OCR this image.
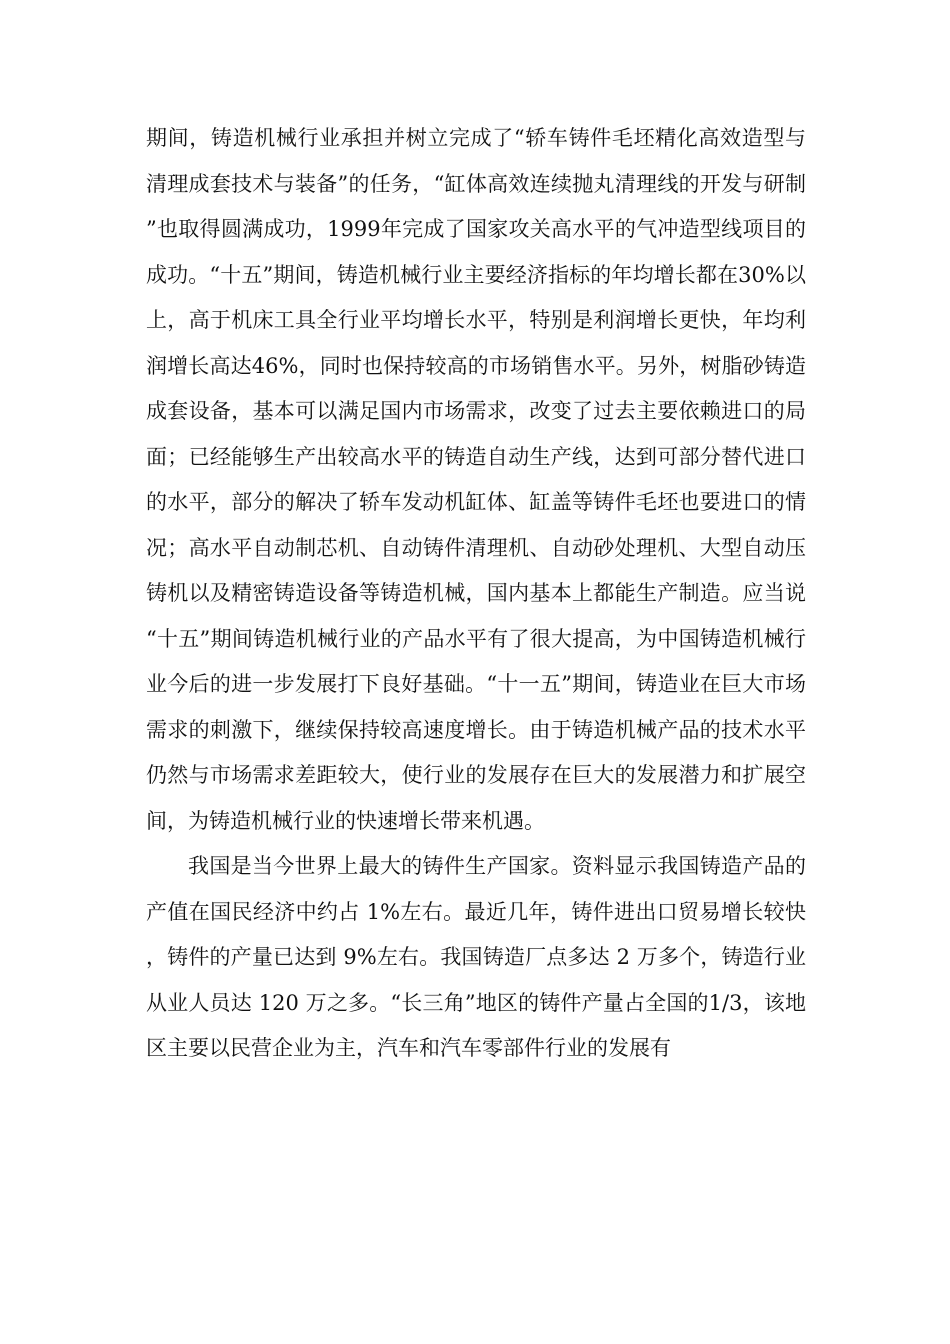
期间，铸造机械行业承担并树立完成了“轿车铸件毛坯精化高效造型与清理成套技术与装备”的任务，“缸体高效连续抛丸清理线的开发与研制”也取得圆满成功，1999年完成了国家攻关高水平的气冲造型线项目的成功。“十五”期间，铸造机械行业主要经济指标的年均增长都在30%以上，高于机床工具全行业平均增长水平，特别是利润增长更快，年均利润增长高达46%，同时也保持较高的市场销售水平。另外，树脂砂铸造成套设备，基本可以满足国内市场需求，改变了过去主要依赖进口的局面；已经能够生产出较高水平的铸造自动生产线，达到可部分替代进口的水平，部分的解决了轿车发动机缸体、缸盖等铸件毛坯也要进口的情况；高水平自动制芯机、自动铸件清理机、自动砂处理机、大型自动压铸机以及精密铸造设备等铸造机械，国内基本上都能生产制造。应当说“十五”期间铸造机械行业的产品水平有了很大提高，为中国铸造机械行业今后的进一步发展打下良好基础。“十一五”期间，铸造业在巨大市场需求的刺激下，继续保持较高速度增长。由于铸造机械产品的技术水平仍然与市场需求差距较大，使行业的发展存在巨大的发展潜力和扩展空间，为铸造机械行业的快速增长带来机遇。

我国是当今世界上最大的铸件生产国家。资料显示我国铸造产品的产值在国民经济中约占 1%左右。最近几年，铸件进出口贸易增长较快，铸件的产量已达到 9%左右。我国铸造厂点多达 2 万多个，铸造行业从业人员达 120 万之多。“长三角”地区的铸件产量占全国的1/3，该地区主要以民营企业为主，汽车和汽车零部件行业的发展有
